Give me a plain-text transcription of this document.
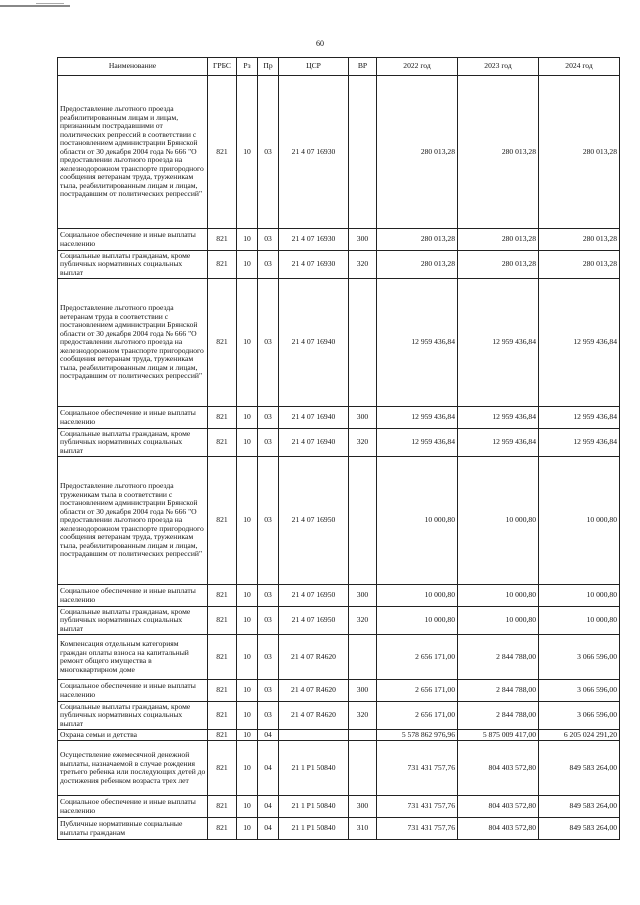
60
Наименование	ГРБС	Рз	Пр	ЦСР	ВР	2022 год	2023 год	2024 год
Предоставление льготного проезда реабилитированным лицам и лицам, признанным пострадавшими от политических репрессий в соответствии с постановлением администрации Брянской области от 30 декабря 2004 года № 666 "О предоставлении льготного проезда на железнодорожном транспорте пригородного сообщения ветеранам труда, труженикам тыла, реабилитированным лицам и лицам, пострадавшим от политических репрессий"	821	10	03	21 4 07 16930		280 013,28	280 013,28	280 013,28
Социальное обеспечение и иные выплаты населению	821	10	03	21 4 07 16930	300	280 013,28	280 013,28	280 013,28
Социальные выплаты гражданам, кроме публичных нормативных социальных выплат	821	10	03	21 4 07 16930	320	280 013,28	280 013,28	280 013,28
Предоставление льготного проезда ветеранам труда в соответствии с постановлением администрации Брянской области от 30 декабря 2004 года № 666 "О предоставлении льготного проезда на железнодорожном транспорте пригородного сообщения ветеранам труда, труженикам тыла, реабилитированным лицам и лицам, пострадавшим от политических репрессий"	821	10	03	21 4 07 16940		12 959 436,84	12 959 436,84	12 959 436,84
Социальное обеспечение и иные выплаты населению	821	10	03	21 4 07 16940	300	12 959 436,84	12 959 436,84	12 959 436,84
Социальные выплаты гражданам, кроме публичных нормативных социальных выплат	821	10	03	21 4 07 16940	320	12 959 436,84	12 959 436,84	12 959 436,84
Предоставление льготного проезда труженикам тыла в соответствии с постановлением администрации Брянской области от 30 декабря 2004 года № 666 "О предоставлении льготного проезда на железнодорожном транспорте пригородного сообщения ветеранам труда, труженикам тыла, реабилитированным лицам и лицам, пострадавшим от политических репрессий"	821	10	03	21 4 07 16950		10 000,80	10 000,80	10 000,80
Социальное обеспечение и иные выплаты населению	821	10	03	21 4 07 16950	300	10 000,80	10 000,80	10 000,80
Социальные выплаты гражданам, кроме публичных нормативных социальных выплат	821	10	03	21 4 07 16950	320	10 000,80	10 000,80	10 000,80
Компенсация отдельным категориям граждан оплаты взноса на капитальный ремонт общего имущества в многоквартирном доме	821	10	03	21 4 07 R4620		2 656 171,00	2 844 788,00	3 066 596,00
Социальное обеспечение и иные выплаты населению	821	10	03	21 4 07 R4620	300	2 656 171,00	2 844 788,00	3 066 596,00
Социальные выплаты гражданам, кроме публичных нормативных социальных выплат	821	10	03	21 4 07 R4620	320	2 656 171,00	2 844 788,00	3 066 596,00
Охрана семьи и детства	821	10	04			5 578 862 976,96	5 875 009 417,00	6 205 024 291,20
Осуществление ежемесячной денежной выплаты, назначаемой в случае рождения третьего ребенка или последующих детей до достижения ребенком возраста трех лет	821	10	04	21 1 P1 50840		731 431 757,76	804 403 572,80	849 583 264,00
Социальное обеспечение и иные выплаты населению	821	10	04	21 1 P1 50840	300	731 431 757,76	804 403 572,80	849 583 264,00
Публичные нормативные социальные выплаты гражданам	821	10	04	21 1 P1 50840	310	731 431 757,76	804 403 572,80	849 583 264,00
